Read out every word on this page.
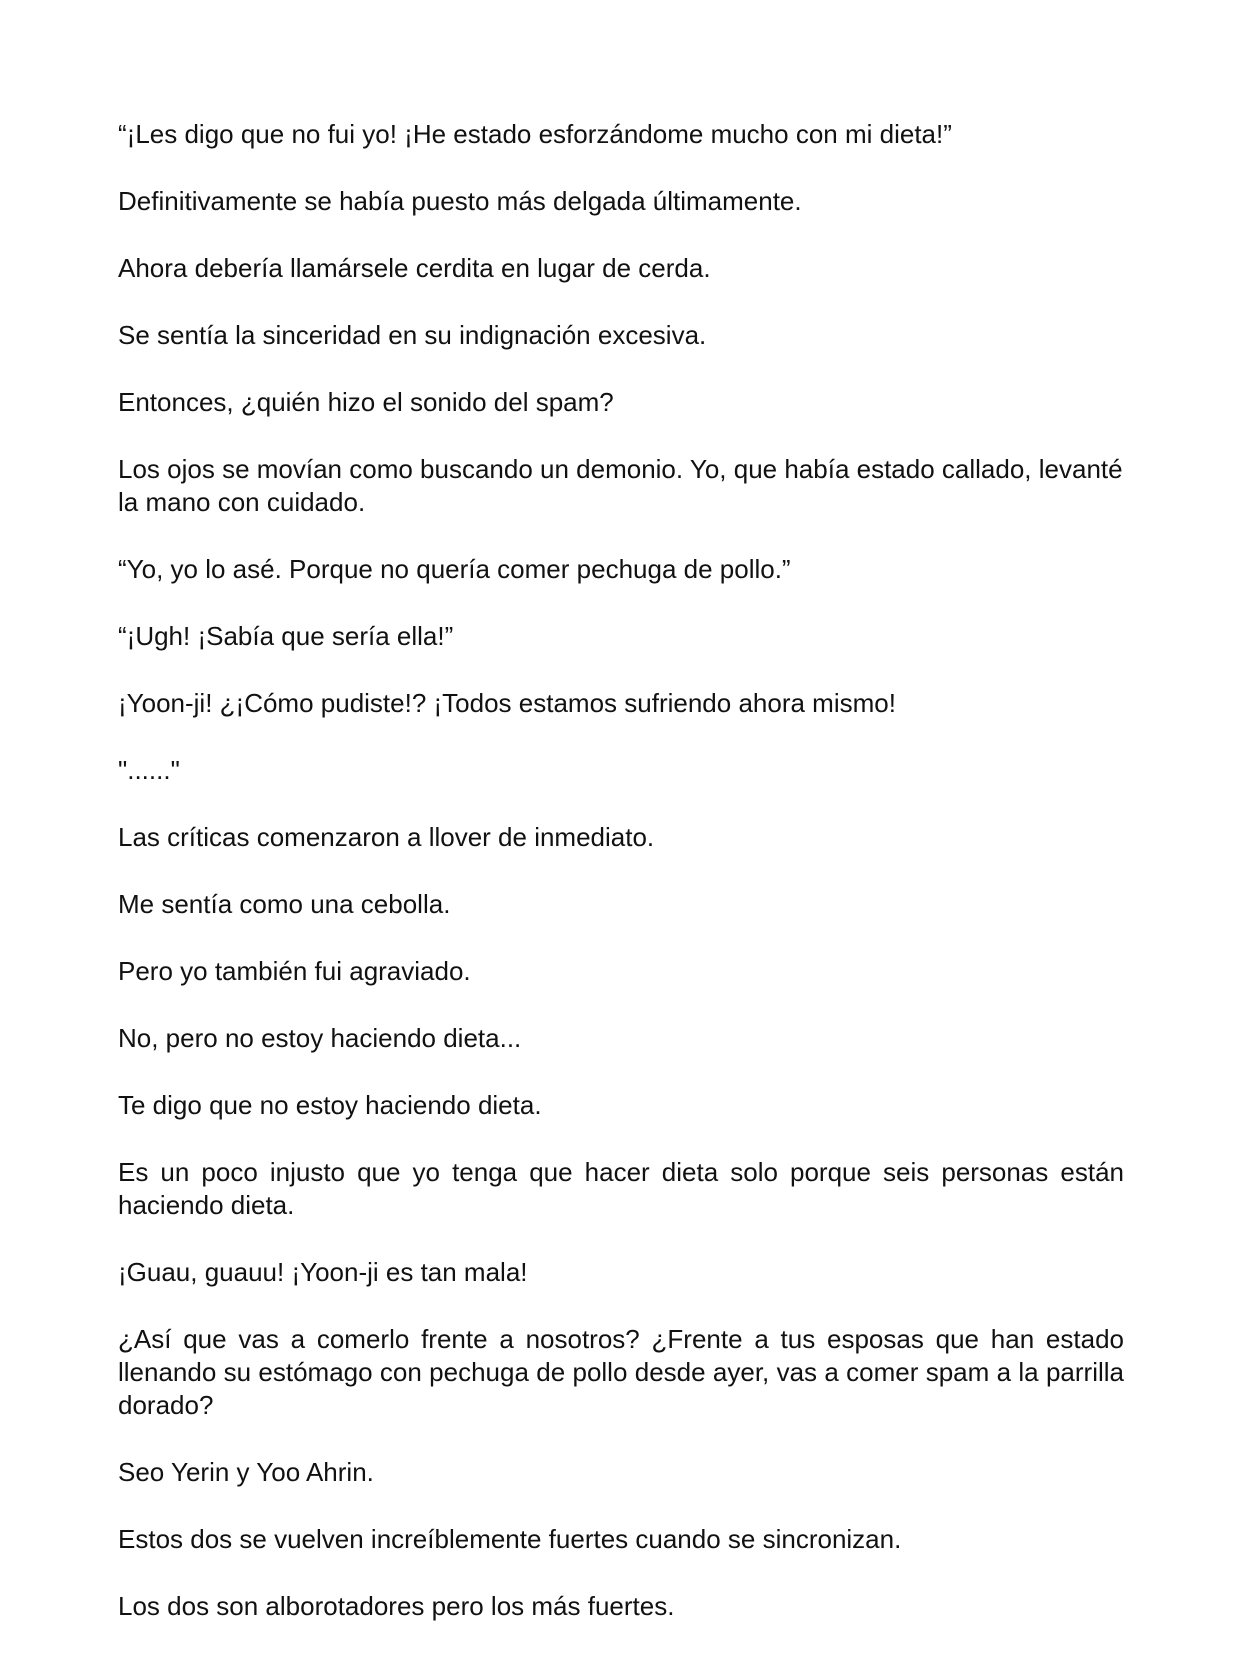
“¡Les digo que no fui yo! ¡He estado esforzándome mucho con mi dieta!”

Definitivamente se había puesto más delgada últimamente.

Ahora debería llamársele cerdita en lugar de cerda.

Se sentía la sinceridad en su indignación excesiva.

Entonces, ¿quién hizo el sonido del spam?

Los ojos se movían como buscando un demonio. Yo, que había estado callado, levanté la mano con cuidado.

“Yo, yo lo asé. Porque no quería comer pechuga de pollo.”

“¡Ugh! ¡Sabía que sería ella!”

¡Yoon-ji! ¿¡Cómo pudiste!? ¡Todos estamos sufriendo ahora mismo!

"......"

Las críticas comenzaron a llover de inmediato.

Me sentía como una cebolla.

Pero yo también fui agraviado.

No, pero no estoy haciendo dieta...

Te digo que no estoy haciendo dieta.

Es un poco injusto que yo tenga que hacer dieta solo porque seis personas están haciendo dieta.

¡Guau, guauu! ¡Yoon-ji es tan mala!

¿Así que vas a comerlo frente a nosotros? ¿Frente a tus esposas que han estado llenando su estómago con pechuga de pollo desde ayer, vas a comer spam a la parrilla dorado?

Seo Yerin y Yoo Ahrin.

Estos dos se vuelven increíblemente fuertes cuando se sincronizan.

Los dos son alborotadores pero los más fuertes.
